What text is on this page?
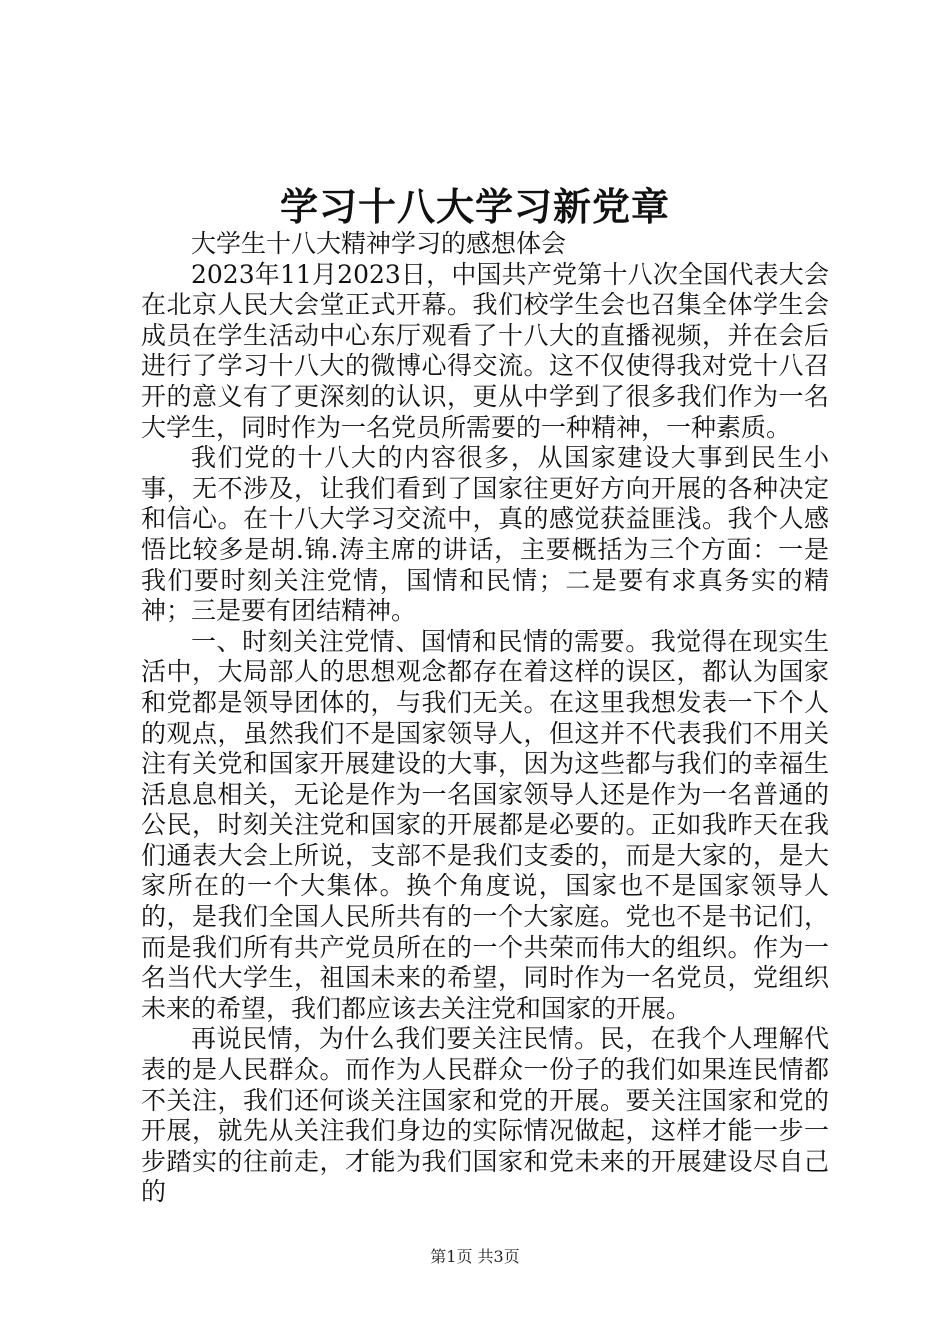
学习十八大学习新党章

大学生十八大精神学习的感想体会

2023年11月2023日，中国共产党第十八次全国代表大会在北京人民大会堂正式开幕。我们校学生会也召集全体学生会成员在学生活动中心东厅观看了十八大的直播视频，并在会后进行了学习十八大的微博心得交流。这不仅使得我对党十八召开的意义有了更深刻的认识，更从中学到了很多我们作为一名大学生，同时作为一名党员所需要的一种精神，一种素质。

我们党的十八大的内容很多，从国家建设大事到民生小事，无不涉及，让我们看到了国家往更好方向开展的各种决定和信心。在十八大学习交流中，真的感觉获益匪浅。我个人感悟比较多是胡.锦.涛主席的讲话，主要概括为三个方面：一是我们要时刻关注党情，国情和民情；二是要有求真务实的精神；三是要有团结精神。

一、时刻关注党情、国情和民情的需要。我觉得在现实生活中，大局部人的思想观念都存在着这样的误区，都认为国家和党都是领导团体的，与我们无关。在这里我想发表一下个人的观点，虽然我们不是国家领导人，但这并不代表我们不用关注有关党和国家开展建设的大事，因为这些都与我们的幸福生活息息相关，无论是作为一名国家领导人还是作为一名普通的公民，时刻关注党和国家的开展都是必要的。正如我昨天在我们通表大会上所说，支部不是我们支委的，而是大家的，是大家所在的一个大集体。换个角度说，国家也不是国家领导人的，是我们全国人民所共有的一个大家庭。党也不是书记们，而是我们所有共产党员所在的一个共荣而伟大的组织。作为一名当代大学生，祖国未来的希望，同时作为一名党员，党组织未来的希望，我们都应该去关注党和国家的开展。

再说民情，为什么我们要关注民情。民，在我个人理解代表的是人民群众。而作为人民群众一份子的我们如果连民情都不关注，我们还何谈关注国家和党的开展。要关注国家和党的开展，就先从关注我们身边的实际情况做起，这样才能一步一步踏实的往前走，才能为我们国家和党未来的开展建设尽自己的

第1页 共3页
